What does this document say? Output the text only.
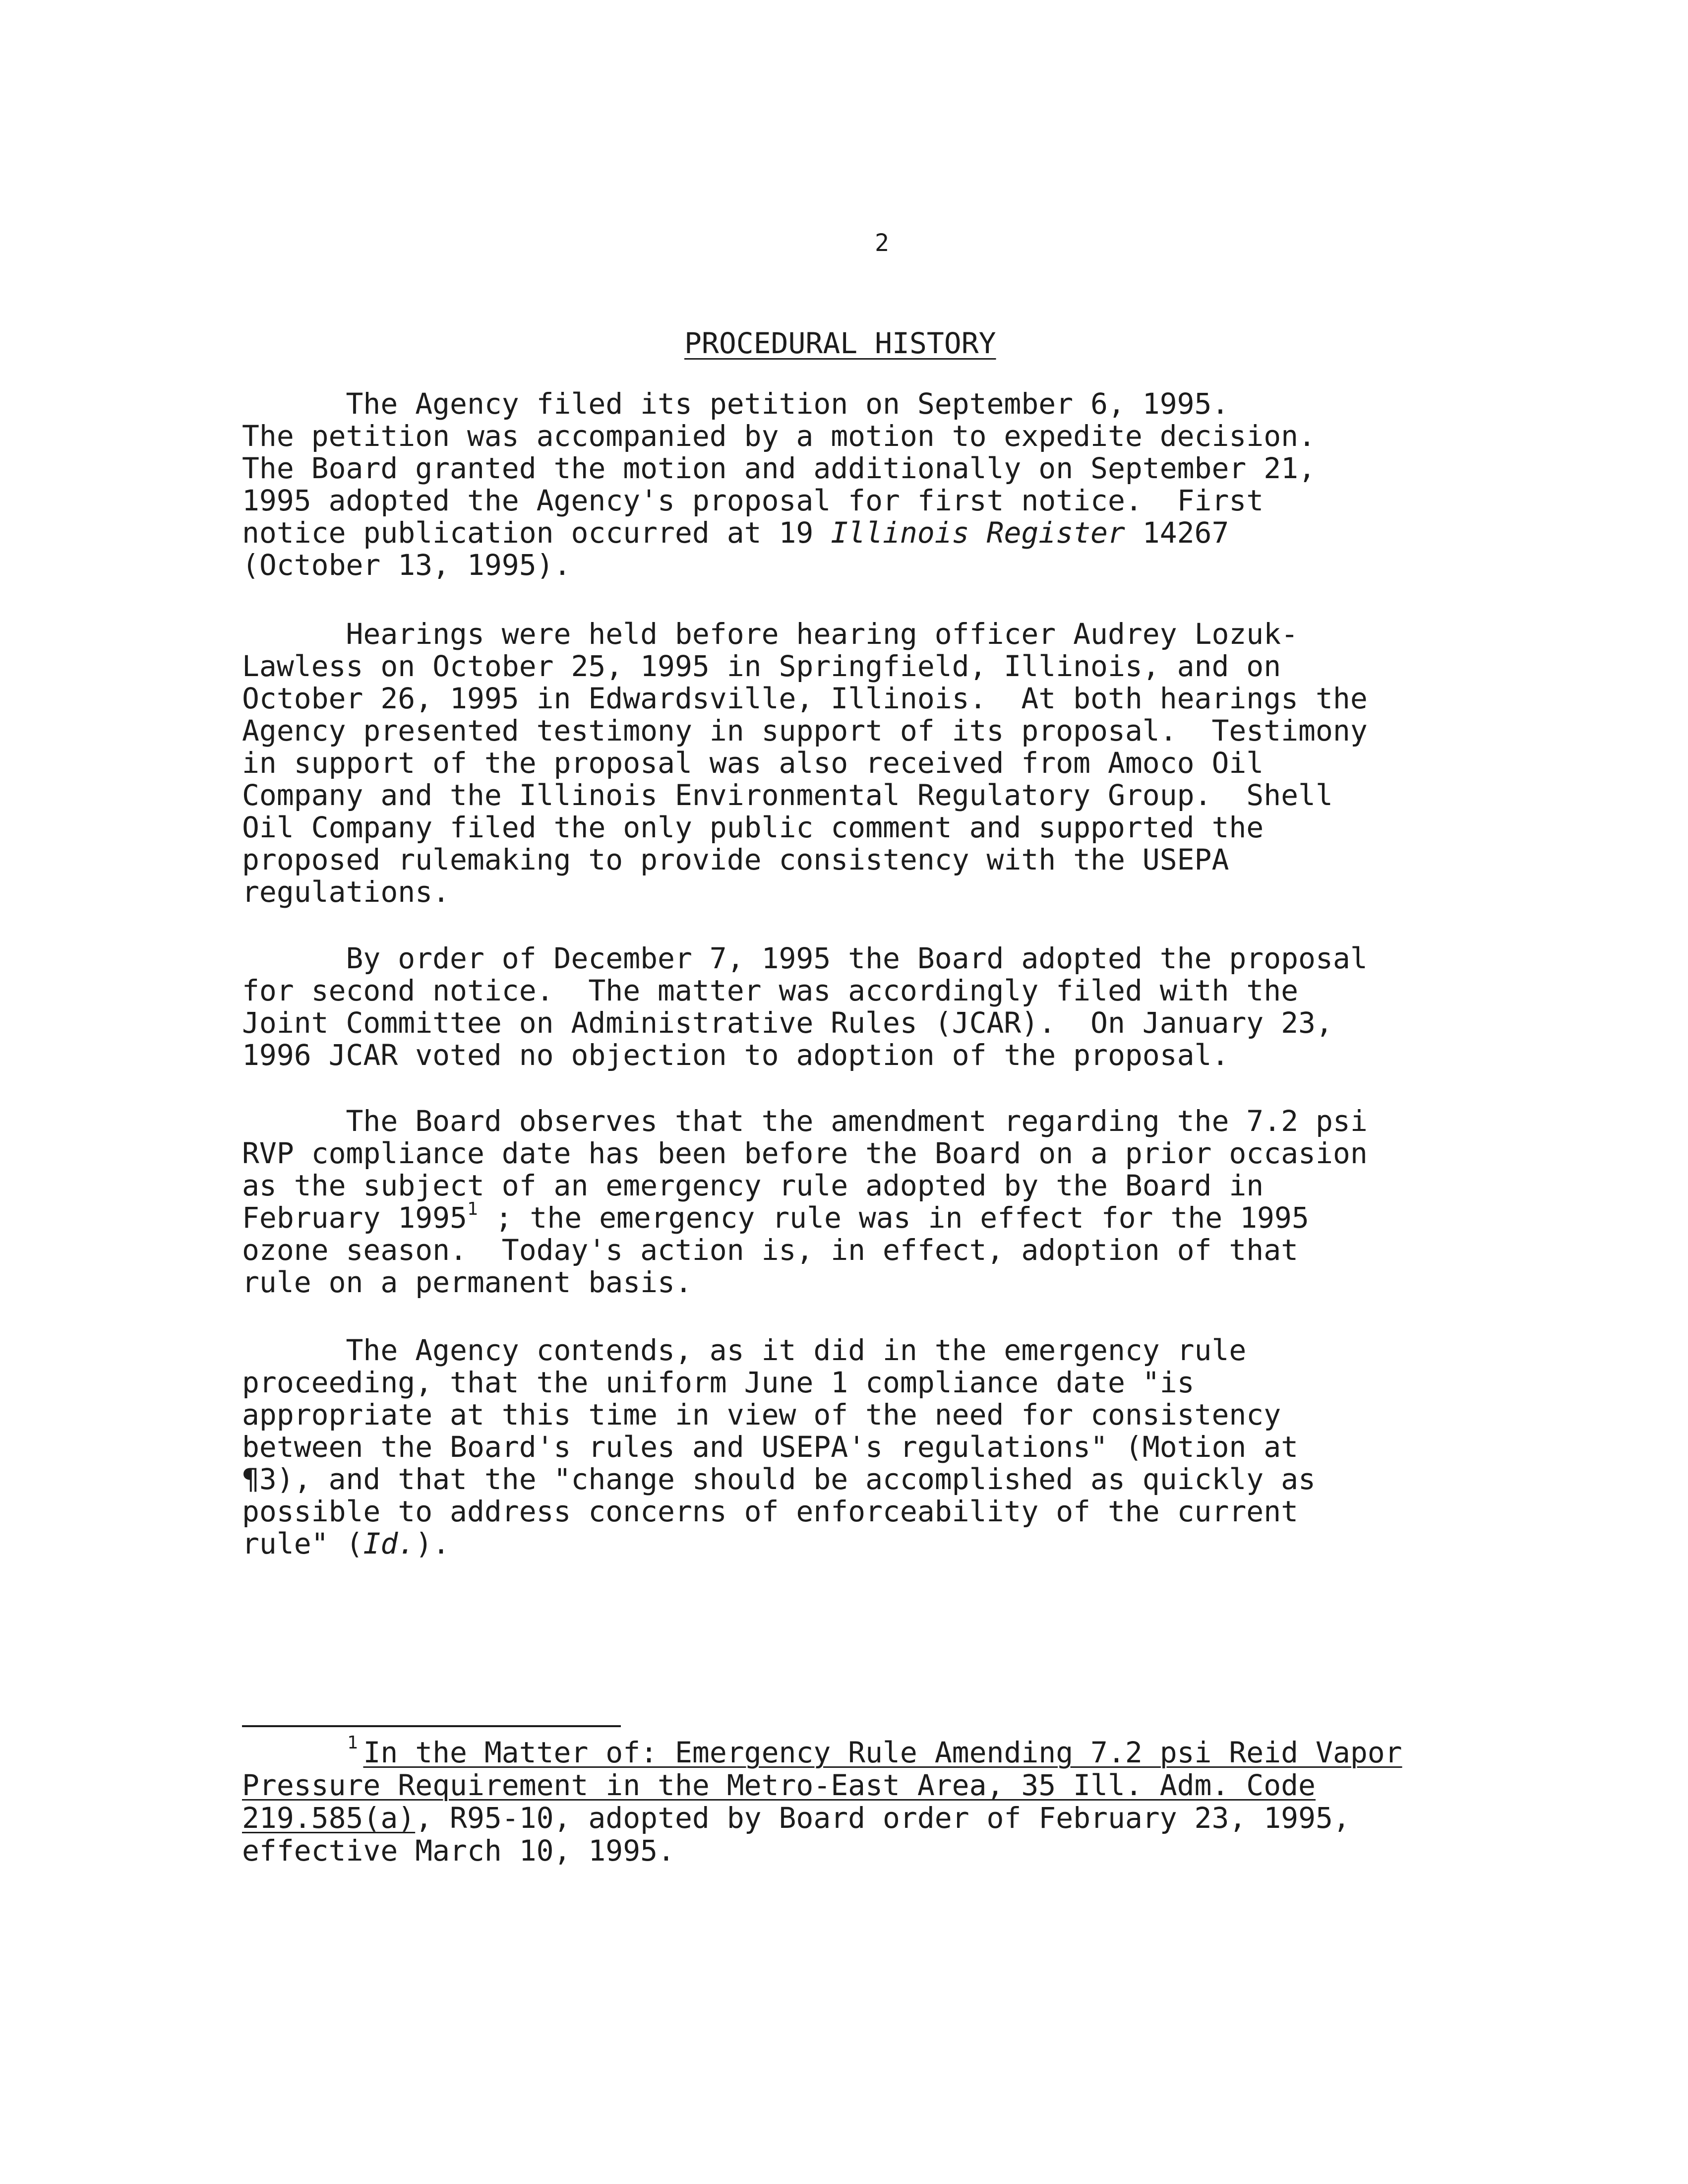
2
PROCEDURAL HISTORY
The Agency filed its petition on September 6, 1995.
The petition was accompanied by a motion to expedite decision.
The Board granted the motion and additionally on September 21,
1995 adopted the Agency's proposal for first notice.  First
notice publication occurred at 19 Illinois Register 14267
(October 13, 1995).
Hearings were held before hearing officer Audrey Lozuk-
Lawless on October 25, 1995 in Springfield, Illinois, and on
October 26, 1995 in Edwardsville, Illinois.  At both hearings the
Agency presented testimony in support of its proposal.  Testimony
in support of the proposal was also received from Amoco Oil
Company and the Illinois Environmental Regulatory Group.  Shell
Oil Company filed the only public comment and supported the
proposed rulemaking to provide consistency with the USEPA
regulations.
By order of December 7, 1995 the Board adopted the proposal
for second notice.  The matter was accordingly filed with the
Joint Committee on Administrative Rules (JCAR).  On January 23,
1996 JCAR voted no objection to adoption of the proposal.
The Board observes that the amendment regarding the 7.2 psi
RVP compliance date has been before the Board on a prior occasion
as the subject of an emergency rule adopted by the Board in
February 1995$^1$ ; the emergency rule was in effect for the 1995
ozone season.  Today's action is, in effect, adoption of that
rule on a permanent basis.
The Agency contends, as it did in the emergency rule
proceeding, that the uniform June 1 compliance date "is
appropriate at this time in view of the need for consistency
between the Board's rules and USEPA's regulations" (Motion at
¶3), and that the "change should be accomplished as quickly as
possible to address concerns of enforceability of the current
rule" (Id.).
1 In the Matter of: Emergency Rule Amending 7.2 psi Reid Vapor
Pressure Requirement in the Metro-East Area, 35 Ill. Adm. Code
219.585(a), R95-10, adopted by Board order of February 23, 1995,
effective March 10, 1995.
